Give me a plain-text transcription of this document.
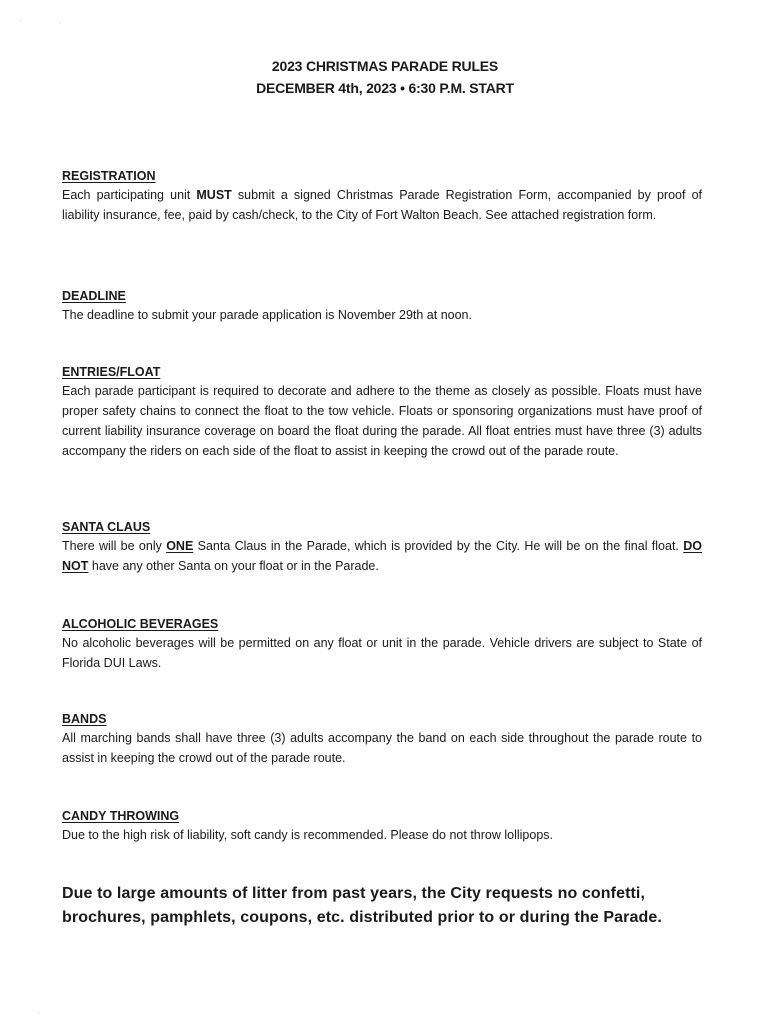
2023 CHRISTMAS PARADE RULES
DECEMBER 4th, 2023 • 6:30 P.M. START
REGISTRATION
Each participating unit MUST submit a signed Christmas Parade Registration Form, accompanied by proof of liability insurance, fee, paid by cash/check, to the City of Fort Walton Beach. See attached registration form.
DEADLINE
The deadline to submit your parade application is November 29th at noon.
ENTRIES/FLOAT
Each parade participant is required to decorate and adhere to the theme as closely as possible. Floats must have proper safety chains to connect the float to the tow vehicle. Floats or sponsoring organizations must have proof of current liability insurance coverage on board the float during the parade. All float entries must have three (3) adults accompany the riders on each side of the float to assist in keeping the crowd out of the parade route.
SANTA CLAUS
There will be only ONE Santa Claus in the Parade, which is provided by the City. He will be on the final float. DO NOT have any other Santa on your float or in the Parade.
ALCOHOLIC BEVERAGES
No alcoholic beverages will be permitted on any float or unit in the parade. Vehicle drivers are subject to State of Florida DUI Laws.
BANDS
All marching bands shall have three (3) adults accompany the band on each side throughout the parade route to assist in keeping the crowd out of the parade route.
CANDY THROWING
Due to the high risk of liability, soft candy is recommended. Please do not throw lollipops.
Due to large amounts of litter from past years, the City requests no confetti, brochures, pamphlets, coupons, etc. distributed prior to or during the Parade.
